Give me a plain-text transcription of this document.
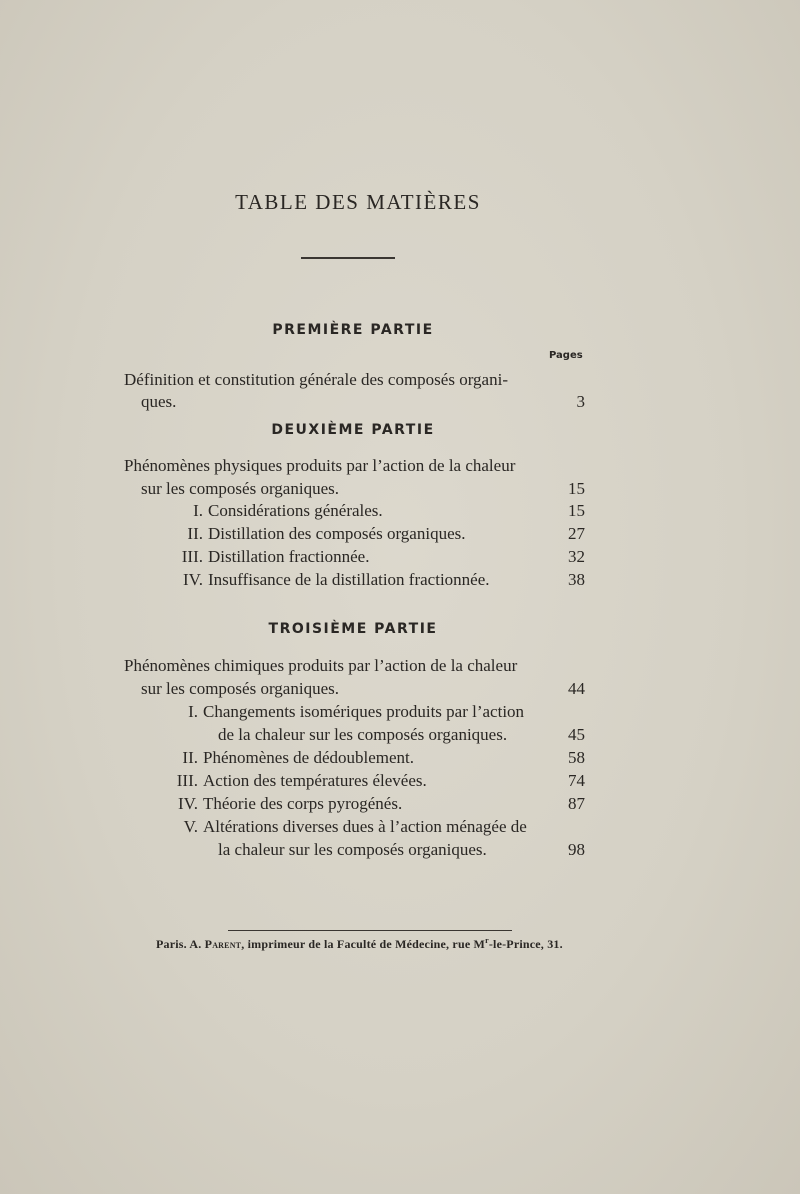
TABLE DES MATIÈRES
PREMIÈRE PARTIE
Pages
Définition et constitution générale des composés organi-
ques.	3
DEUXIÈME PARTIE
Phénomènes physiques produits par l’action de la chaleur
sur les composés organiques.	15
I. Considérations générales.	15
II. Distillation des composés organiques.	27
III. Distillation fractionnée.	32
IV. Insuffisance de la distillation fractionnée.	38
TROISIÈME PARTIE
Phénomènes chimiques produits par l’action de la chaleur
sur les composés organiques.	44
I. Changements isomériques produits par l’action
de la chaleur sur les composés organiques.	45
II. Phénomènes de dédoublement.	58
III. Action des températures élevées.	74
IV. Théorie des corps pyrogénés.	87
V. Altérations diverses dues à l’action ménagée de
la chaleur sur les composés organiques.	98
Paris. A. Parent, imprimeur de la Faculté de Médecine, rue $M^r-le$-Prince, 31.
